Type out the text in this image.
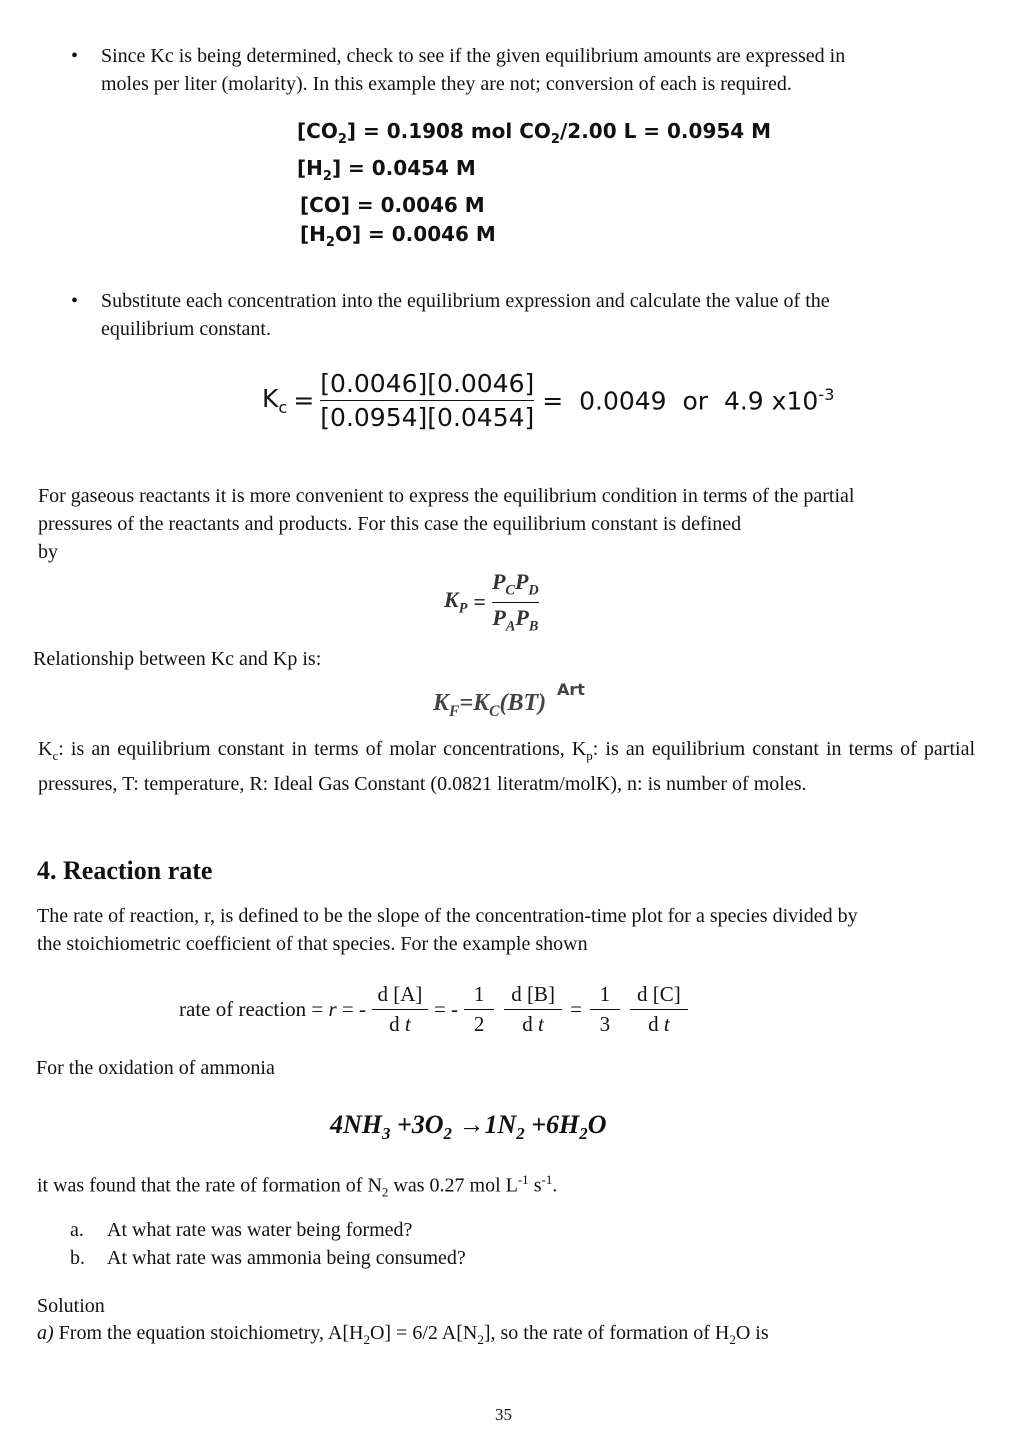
• Since Kc is being determined, check to see if the given equilibrium amounts are expressed in
moles per liter (molarity). In this example they are not; conversion of each is required.
$[CO_2] = 0.1908$ mol $CO_2/2.00$ L = 0.0954 M
$[H_2] = 0.0454$ M
[CO] = 0.0046 M
$[H_2O] = 0.0046$ M
• Substitute each concentration into the equilibrium expression and calculate the value of the
equilibrium constant.
$K_c = \frac{[0.0046][0.0046]}{[0.0954][0.0454]} = 0.0049$  or  4.9 $x10^{-3}$
For gaseous reactants it is more convenient to express the equilibrium condition in terms of the partial
pressures of the reactants and products. For this case the equilibrium constant is defined
by
$K_P = \frac{P_CP_D}{P_AP_B}$
Relationship between Kc and Kp is:
$K_F=K_C(BT)$
Art
$K_c$: is an equilibrium constant in terms of molar concentrations, $K_p$: is an equilibrium constant in terms of partial pressures, T: temperature, R: Ideal Gas Constant (0.0821 literatm/molK), n: is number of moles.
4. Reaction rate
The rate of reaction, r, is defined to be the slope of the concentration-time plot for a species divided by
the stoichiometric coefficient of that species. For the example shown
rate of reaction = r = - $\frac{d [A]}{\text{d t}}$ = - $\frac{1}{2} \frac{d [B]}{\text{d t}} = \frac{1}{3} \frac{d [C]}{\text{d t}}$
For the oxidation of ammonia
$4NH_3 +3O_2 \to 1N_2 +6H_2O$
it was found that the rate of formation of $N_2$ was 0.27 mol $L^{-1}$ $s^{-1}$.
a. At what rate was water being formed?
b. At what rate was ammonia being consumed?
Solution
a) From the equation stoichiometry, $A[H_2O] = 6/2$ $A[N_2]$, so the rate of formation of $H_2O$ is
35
